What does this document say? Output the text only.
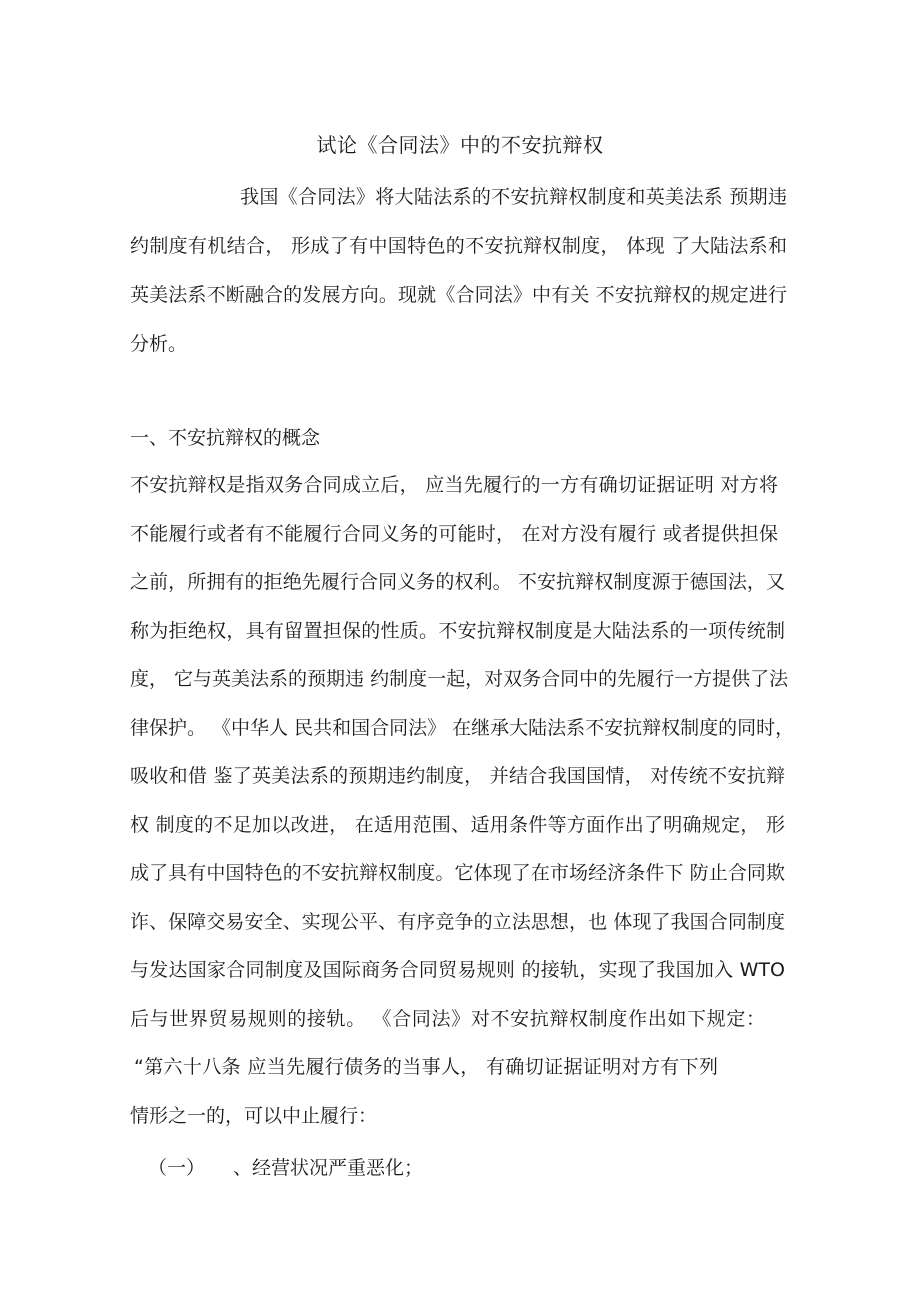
试论《合同法》中的不安抗辩权
我国《合同法》将大陆法系的不安抗辩权制度和英美法系 预期违
约制度有机结合， 形成了有中国特色的不安抗辩权制度， 体现 了大陆法系和
英美法系不断融合的发展方向。现就《合同法》中有关 不安抗辩权的规定进行
分析。
一、不安抗辩权的概念
不安抗辩权是指双务合同成立后， 应当先履行的一方有确切证据证明 对方将
不能履行或者有不能履行合同义务的可能时， 在对方没有履行 或者提供担保
之前，所拥有的拒绝先履行合同义务的权利。 不安抗辩权制度源于德国法，又
称为拒绝权，具有留置担保的性质。不安抗辩权制度是大陆法系的一项传统制
度， 它与英美法系的预期违 约制度一起，对双务合同中的先履行一方提供了法
律保护。 《中华人 民共和国合同法》 在继承大陆法系不安抗辩权制度的同时，
吸收和借 鉴了英美法系的预期违约制度， 并结合我国国情， 对传统不安抗辩
权 制度的不足加以改进， 在适用范围、适用条件等方面作出了明确规定， 形
成了具有中国特色的不安抗辩权制度。它体现了在市场经济条件下 防止合同欺
诈、保障交易安全、实现公平、有序竞争的立法思想，也 体现了我国合同制度
与发达国家合同制度及国际商务合同贸易规则 的接轨，实现了我国加入 WTO
后与世界贸易规则的接轨。 《合同法》对不安抗辩权制度作出如下规定：
“第六十八条 应当先履行债务的当事人， 有确切证据证明对方有下列
情形之一的，可以中止履行：
（一） 、经营状况严重恶化；
